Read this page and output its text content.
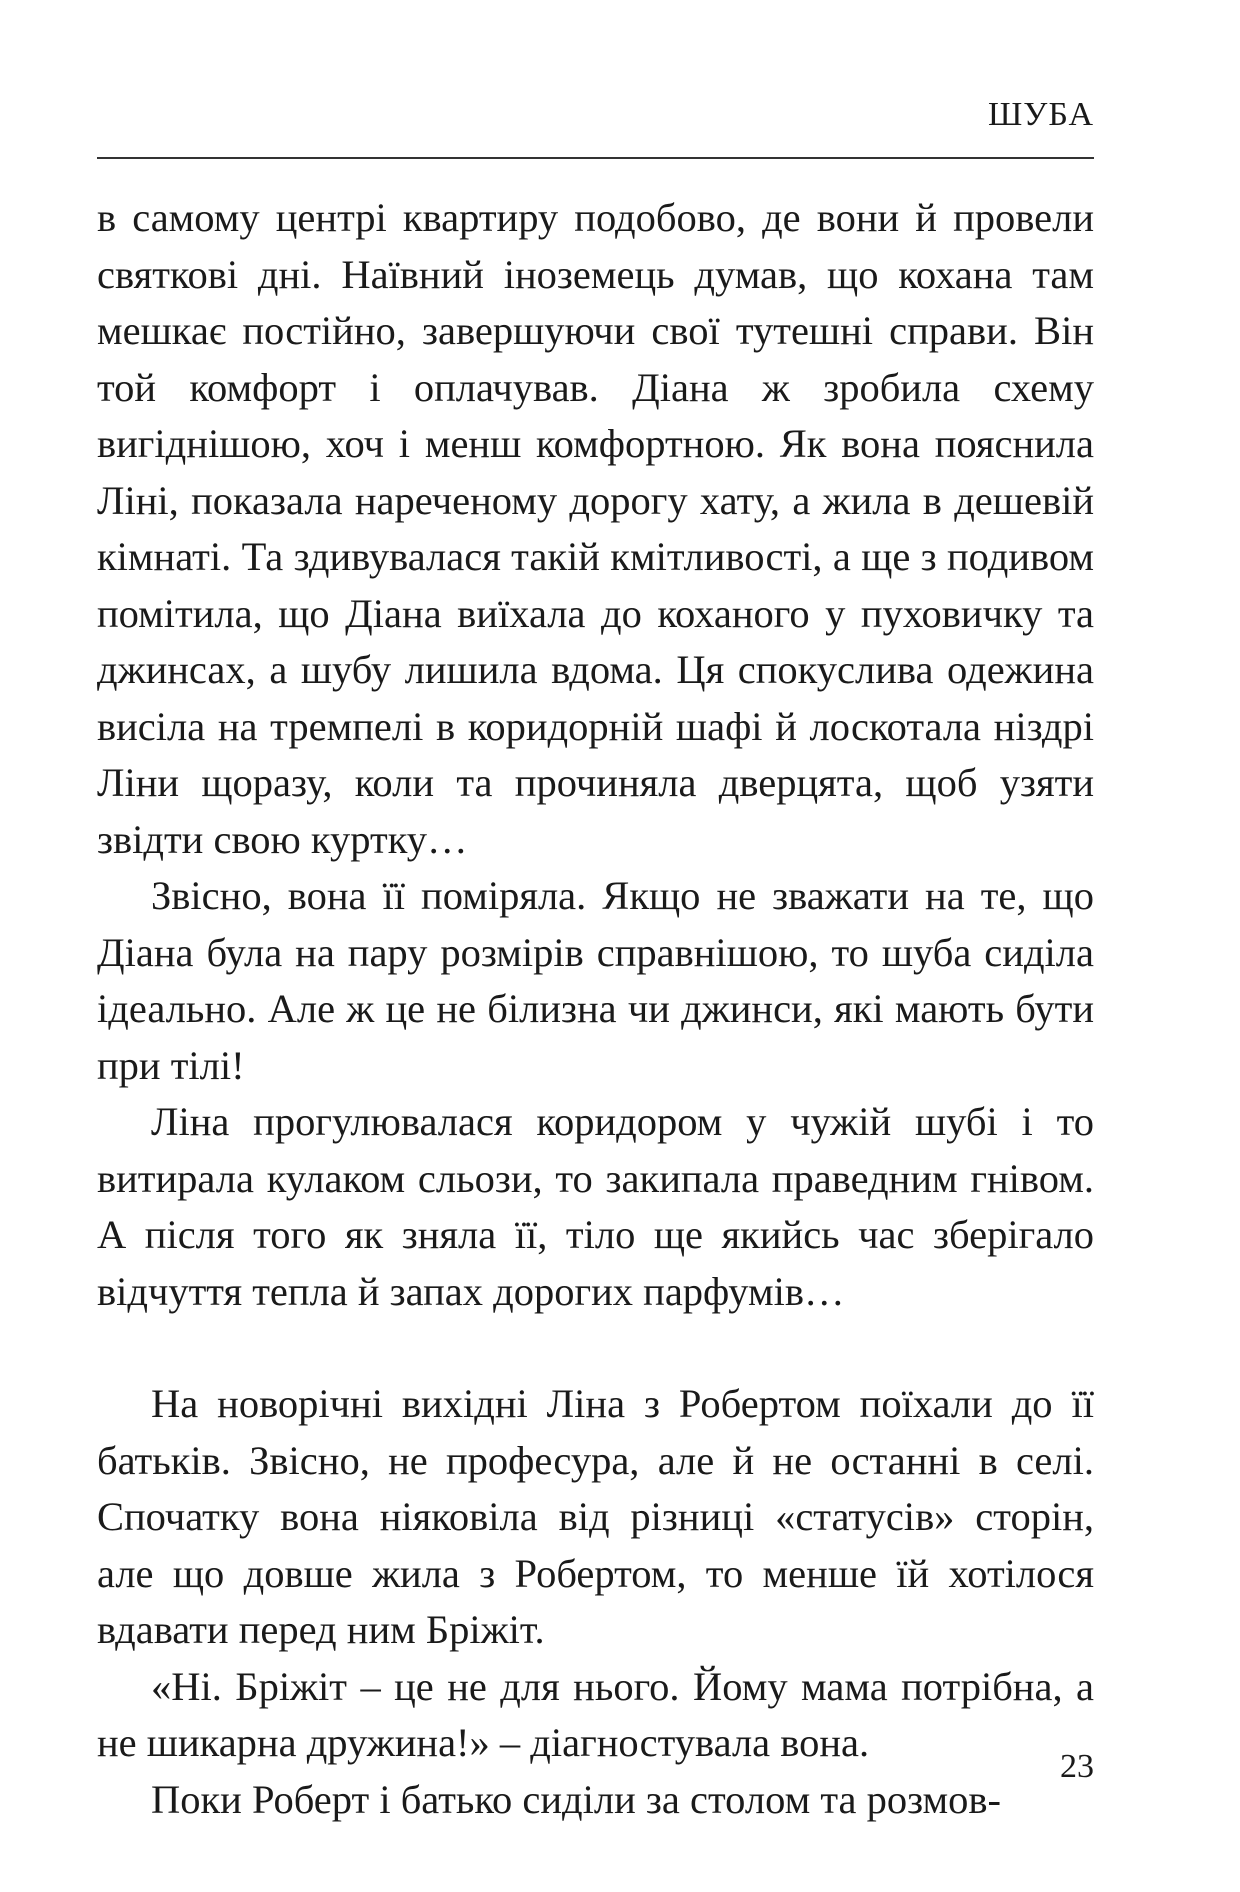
ШУБА

в самому центрі квартиру подобово, де вони й провели святкові дні. Наївний іноземець думав, що кохана там мешкає постійно, завершуючи свої тутешні справи. Він той комфорт і оплачував. Діана ж зробила схему вигіднішою, хоч і менш комфортною. Як вона пояснила Ліні, показала нареченому дорогу хату, а жила в дешевій кімнаті. Та здивувалася такій кмітливості, а ще з подивом помітила, що Діана виїхала до коханого у пуховичку та джинсах, а шубу лишила вдома. Ця спокуслива одежина висіла на тремпелі в коридорній шафі й лоскотала ніздрі Ліни щоразу, коли та прочиняла дверцята, щоб узяти звідти свою куртку…

Звісно, вона її поміряла. Якщо не зважати на те, що Діана була на пару розмірів справнішою, то шуба сиділа ідеально. Але ж це не білизна чи джинси, які мають бути при тілі!

Ліна прогулювалася коридором у чужій шубі і то витирала кулаком сльози, то закипала праведним гнівом. А після того як зняла її, тіло ще якийсь час зберігало відчуття тепла й запах дорогих парфумів…

На новорічні вихідні Ліна з Робертом поїхали до її батьків. Звісно, не професура, але й не останні в селі. Спочатку вона ніяковіла від різниці «статусів» сторін, але що довше жила з Робертом, то менше їй хотілося вдавати перед ним Бріжіт.

«Ні. Бріжіт – це не для нього. Йому мама потрібна, а не шикарна дружина!» – діагностувала вона.

Поки Роберт і батько сиділи за столом та розмов-

23
